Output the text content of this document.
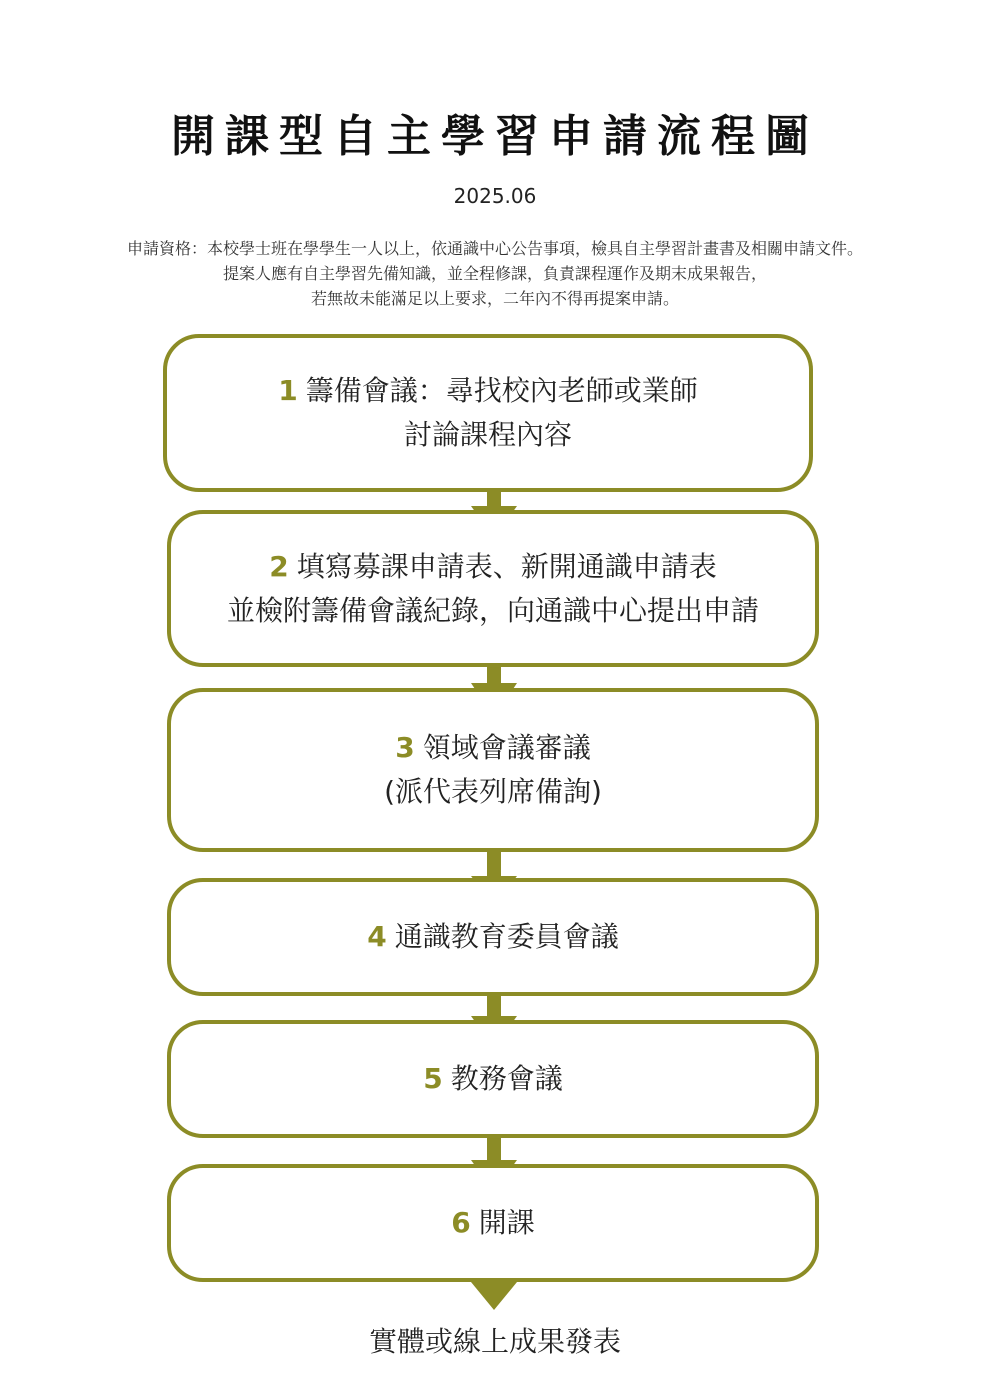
開課型自主學習申請流程圖
2025.06
申請資格：本校學士班在學學生一人以上，依通識中心公告事項，檢具自主學習計畫書及相關申請文件。
提案人應有自主學習先備知識，並全程修課，負責課程運作及期末成果報告，
若無故未能滿足以上要求，二年內不得再提案申請。
1 籌備會議：尋找校內老師或業師
討論課程內容
2 填寫募課申請表、新開通識申請表
並檢附籌備會議紀錄，向通識中心提出申請
3 領域會議審議
(派代表列席備詢)
4 通識教育委員會議
5 教務會議
6 開課
實體或線上成果發表
